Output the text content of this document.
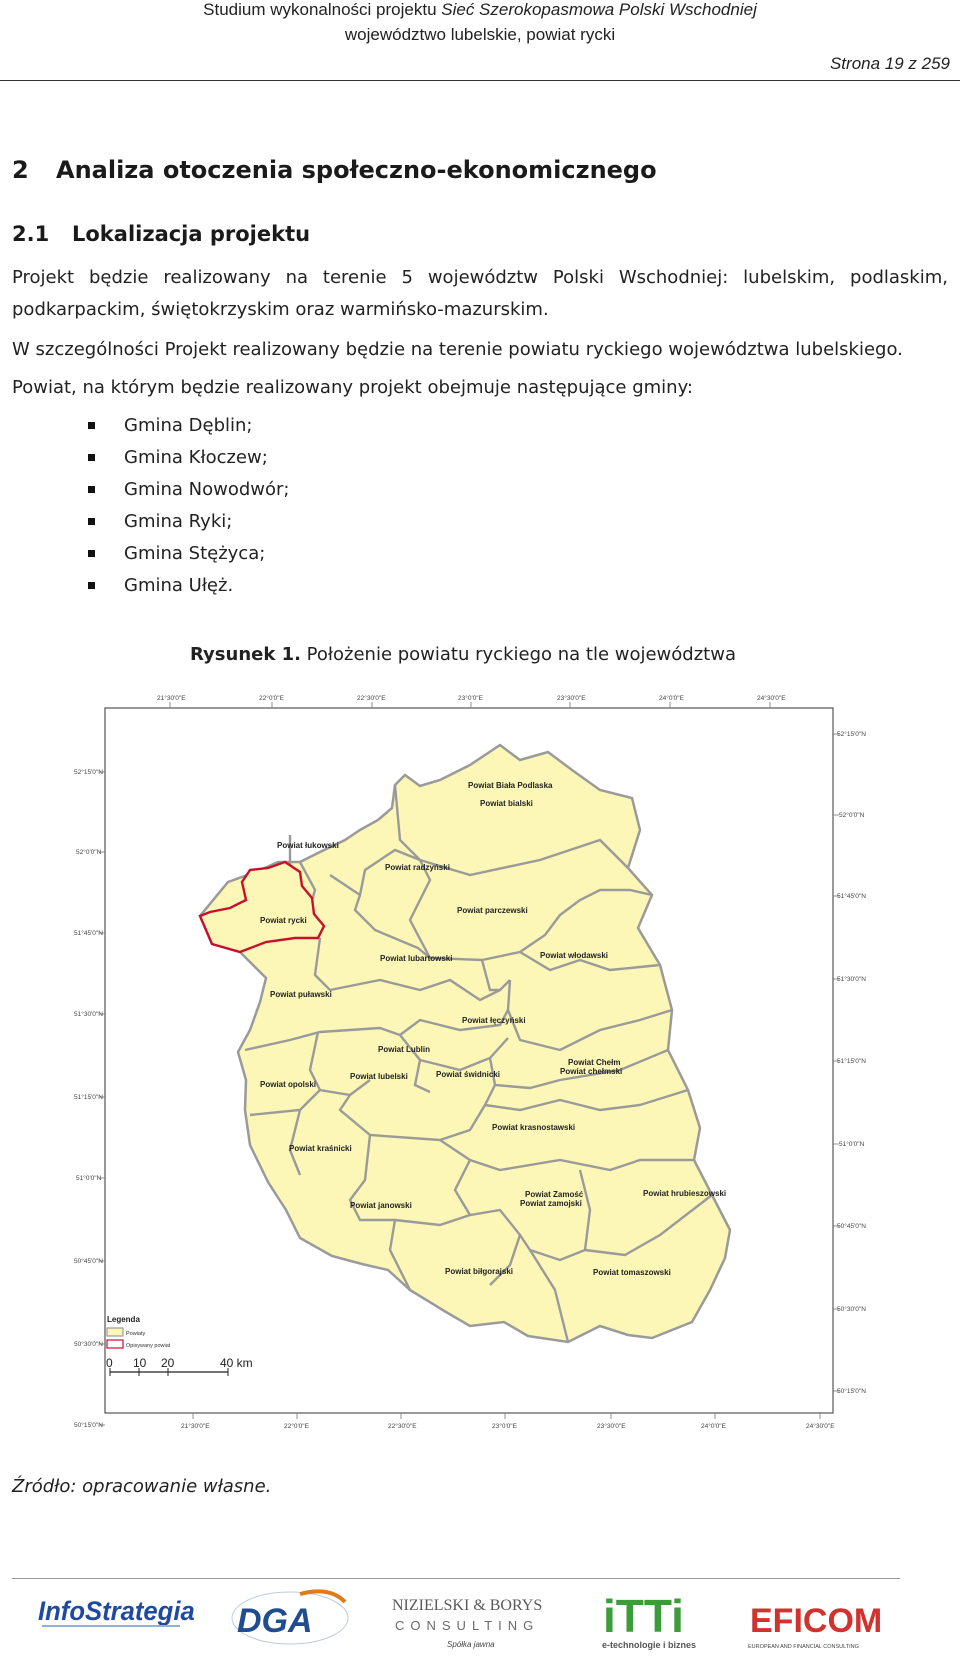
Studium wykonalności projektu Sieć Szerokopasmowa Polski Wschodniej
województwo lubelskie, powiat rycki
Strona 19 z 259
2 Analiza otoczenia społeczno-ekonomicznego
2.1 Lokalizacja projektu
Projekt będzie realizowany na terenie 5 województw Polski Wschodniej: lubelskim, podlaskim, podkarpackim, świętokrzyskim oraz warmińsko-mazurskim.
W szczególności Projekt realizowany będzie na terenie powiatu ryckiego województwa lubelskiego.
Powiat, na którym będzie realizowany projekt obejmuje następujące gminy:
Gmina Dęblin;
Gmina Kłoczew;
Gmina Nowodwór;
Gmina Ryki;
Gmina Stężyca;
Gmina Ułęż.
Rysunek 1. Położenie powiatu ryckiego na tle województwa
21°30'0"E	22°0'0"E	22°30'0"E	23°0'0"E	23°30'0"E	24°0'0"E	24°30'0"E
21°30'0"E	22°0'0"E	22°30'0"E	23°0'0"E	23°30'0"E	24°0'0"E	24°30'0"E
52°15'0"N
52°0'0"N
51°45'0"N
51°30'0"N
51°15'0"N
51°0'0"N
50°45'0"N
50°30'0"N
50°15'0"N
52°15'0"N
52°0'0"N
51°45'0"N
51°30'0"N
51°15'0"N
51°0'0"N
50°45'0"N
50°30'0"N
50°15'0"N
Powiat Biała Podlaska
Powiat bialski
Powiat łukowski
Powiat radzyński
Powiat rycki
Powiat parczewski
Powiat lubartowski	Powiat włodawski
Powiat puławski
Powiat łęczyński
Powiat Lublin
Powiat lubelski	Powiat świdnicki
Powiat Chełm
Powiat chełmski
Powiat opolski
Powiat krasnostawski
Powiat kraśnicki
Powiat janowski
Powiat Zamość
Powiat zamojski
Powiat hrubieszowski
Powiat biłgorajski	Powiat tomaszowski
Legenda
Powiaty
Opisywany powiat
0 10 20	40 km
Źródło: opracowanie własne.
InfoStrategia DGA	NIZIELSKI & BORYS
CONSULTING
Spółka jawna
iTTi
e-technologie i biznes
EFICOM
EUROPEAN AND FINANCIAL CONSULTING
